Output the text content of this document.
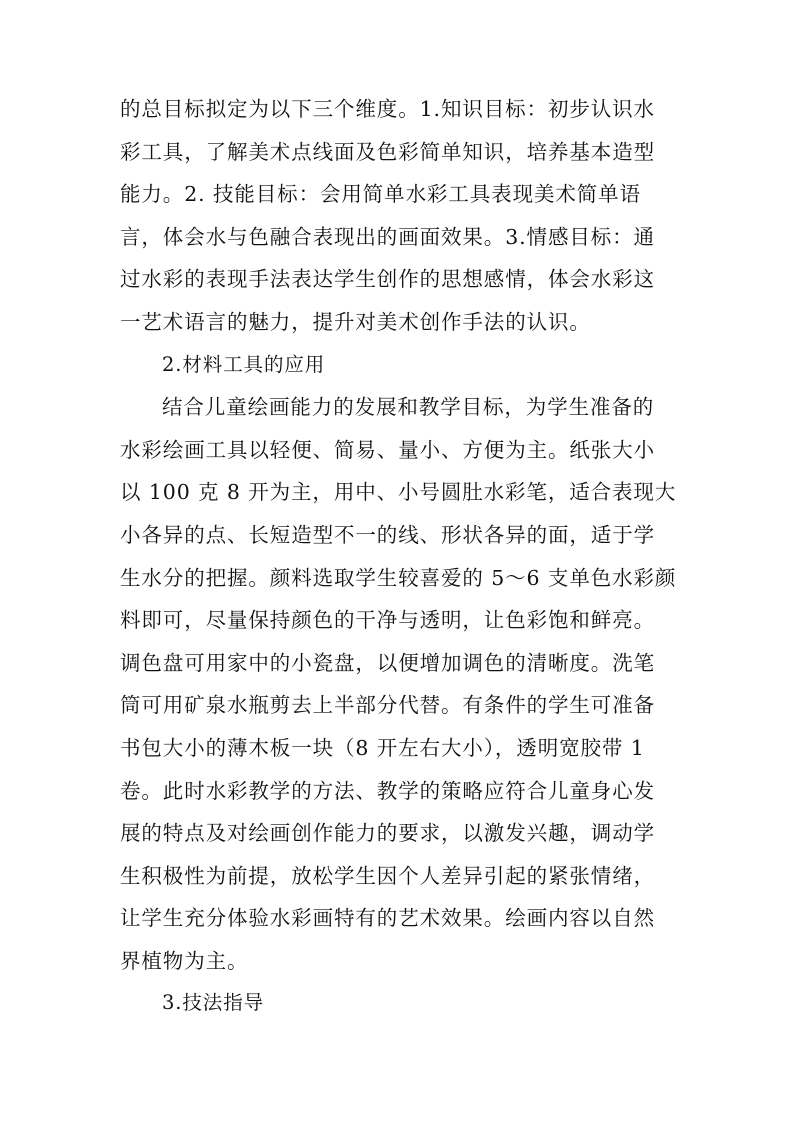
的总目标拟定为以下三个维度。1.知识目标：初步认识水
彩工具，了解美术点线面及色彩简单知识，培养基本造型
能力。2. 技能目标：会用简单水彩工具表现美术简单语
言，体会水与色融合表现出的画面效果。3.情感目标：通
过水彩的表现手法表达学生创作的思想感情，体会水彩这
一艺术语言的魅力，提升对美术创作手法的认识。
2.材料工具的应用
结合儿童绘画能力的发展和教学目标，为学生准备的
水彩绘画工具以轻便、简易、量小、方便为主。纸张大小
以 100 克 8 开为主，用中、小号圆肚水彩笔，适合表现大
小各异的点、长短造型不一的线、形状各异的面，适于学
生水分的把握。颜料选取学生较喜爱的 5～6 支单色水彩颜
料即可，尽量保持颜色的干净与透明，让色彩饱和鲜亮。
调色盘可用家中的小瓷盘，以便增加调色的清晰度。洗笔
筒可用矿泉水瓶剪去上半部分代替。有条件的学生可准备
书包大小的薄木板一块（8 开左右大小），透明宽胶带 1
卷。此时水彩教学的方法、教学的策略应符合儿童身心发
展的特点及对绘画创作能力的要求，以激发兴趣，调动学
生积极性为前提，放松学生因个人差异引起的紧张情绪，
让学生充分体验水彩画特有的艺术效果。绘画内容以自然
界植物为主。
3.技法指导
